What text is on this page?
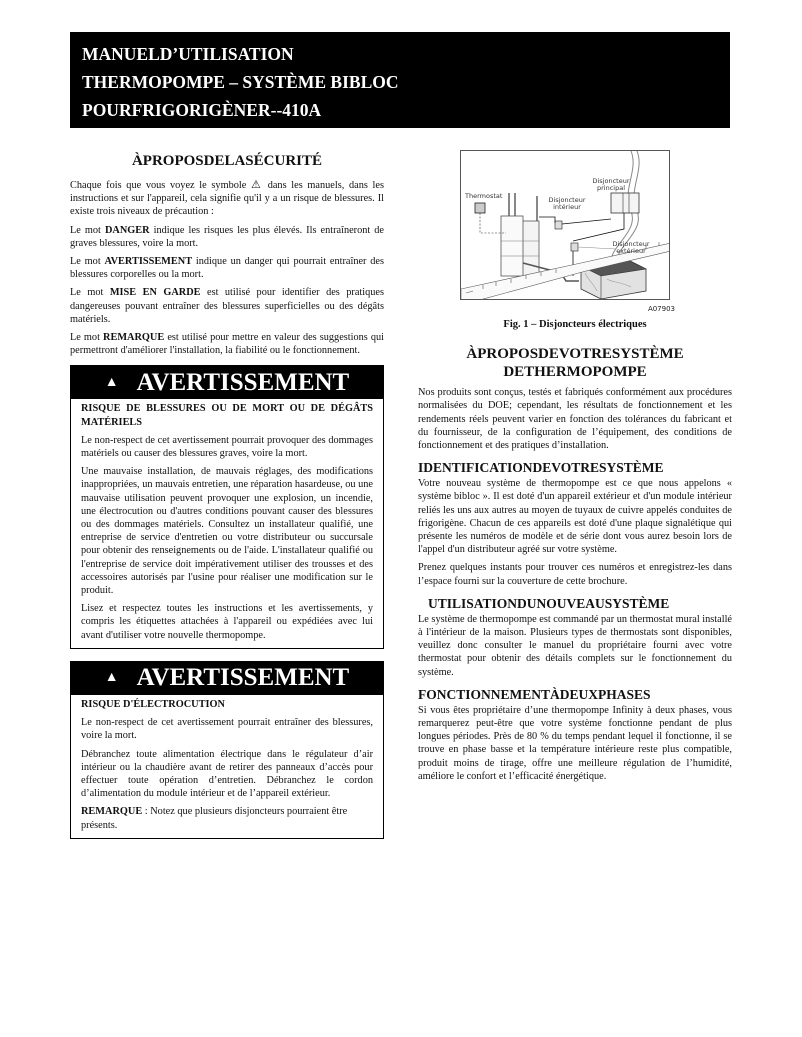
MANUELD’UTILISATION
THERMOPOMPE – SYSTÈME BIBLOC
POURFRIGORIGÈNER--410A
ÀPROPOSDELASÉCURITÉ

Chaque fois que vous voyez le symbole ⚠ dans les manuels, dans les instructions et sur l'appareil, cela signifie qu'il y a un risque de blessures. Il existe trois niveaux de précaution :

Le mot DANGER indique les risques les plus élevés. Ils entraîneront de graves blessures, voire la mort.

Le mot AVERTISSEMENT indique un danger qui pourrait entraîner des blessures corporelles ou la mort.

Le mot MISE EN GARDE est utilisé pour identifier des pratiques dangereuses pouvant entraîner des blessures superficielles ou des dégâts matériels.

Le mot REMARQUE est utilisé pour mettre en valeur des suggestions qui permettront d'améliorer l'installation, la fiabilité ou le fonctionnement.

▲ AVERTISSEMENT

RISQUE DE BLESSURES OU DE MORT OU DE DÉGÂTS MATÉRIELS

Le non-respect de cet avertissement pourrait provoquer des dommages matériels ou causer des blessures graves, voire la mort.

Une mauvaise installation, de mauvais réglages, des modifications inappropriées, un mauvais entretien, une réparation hasardeuse, ou une mauvaise utilisation peuvent provoquer une explosion, un incendie, une électrocution ou d'autres conditions pouvant causer des blessures ou des dommages matériels. Consultez un installateur qualifié, une entreprise de service d'entretien ou votre distributeur ou succursale pour obtenir des renseignements ou de l'aide. L'installateur qualifié ou l'entreprise de service doit impérativement utiliser des trousses et des accessoires autorisés par l'usine pour réaliser une modification sur le produit.

Lisez et respectez toutes les instructions et les avertissements, y compris les étiquettes attachées à l'appareil ou expédiées avec lui avant d'utiliser votre nouvelle thermopompe.

▲ AVERTISSEMENT

RISQUE D'ÉLECTROCUTION

Le non-respect de cet avertissement pourrait entraîner des blessures, voire la mort.

Débranchez toute alimentation électrique dans le régulateur d’air intérieur ou la chaudière avant de retirer des panneaux d’accès pour effectuer toute opération d’entretien. Débranchez le cordon d’alimentation du module intérieur et de l’appareil extérieur.

REMARQUE : Notez que plusieurs disjoncteurs pourraient être présents.

Thermostat	Disjoncteur intérieur
Disjoncteur principal
Disjoncteur extérieur
A07903
Fig. 1 – Disjoncteurs électriques
ÀPROPOSDEVOTRESYSTÈME
DETHERMOPOMPE

Nos produits sont conçus, testés et fabriqués conformément aux procédures normalisées du DOE; cependant, les résultats de fonctionnement et les rendements réels peuvent varier en fonction des tolérances du fabricant et du fournisseur, de la configuration de l’équipement, des conditions de fonctionnement et des pratiques d’installation.

IDENTIFICATIONDEVOTRESYSTÈME

Votre nouveau système de thermopompe est ce que nous appelons « système bibloc ». Il est doté d'un appareil extérieur et d'un module intérieur reliés les uns aux autres au moyen de tuyaux de cuivre appelés conduites de frigorigène. Chacun de ces appareils est doté d'une plaque signalétique qui présente les numéros de modèle et de série dont vous aurez besoin lors de l'appel d'un distributeur agréé sur votre système.

Prenez quelques instants pour trouver ces numéros et enregistrez-les dans l’espace fourni sur la couverture de cette brochure.

UTILISATIONDUNOUVEAUSYSTÈME

Le système de thermopompe est commandé par un thermostat mural installé à l'intérieur de la maison. Plusieurs types de thermostats sont disponibles, veuillez donc consulter le manuel du propriétaire fourni avec votre thermostat pour obtenir des détails complets sur le fonctionnement du système.

FONCTIONNEMENTÀDEUXPHASES

Si vous êtes propriétaire d’une thermopompe Infinity à deux phases, vous remarquerez peut-être que votre système fonctionne pendant de plus longues périodes. Près de 80 % du temps pendant lequel il fonctionne, il se trouve en phase basse et la température intérieure reste plus compatible, produit moins de tirage, offre une meilleure régulation de l’humidité, améliore le confort et l’efficacité énergétique.
